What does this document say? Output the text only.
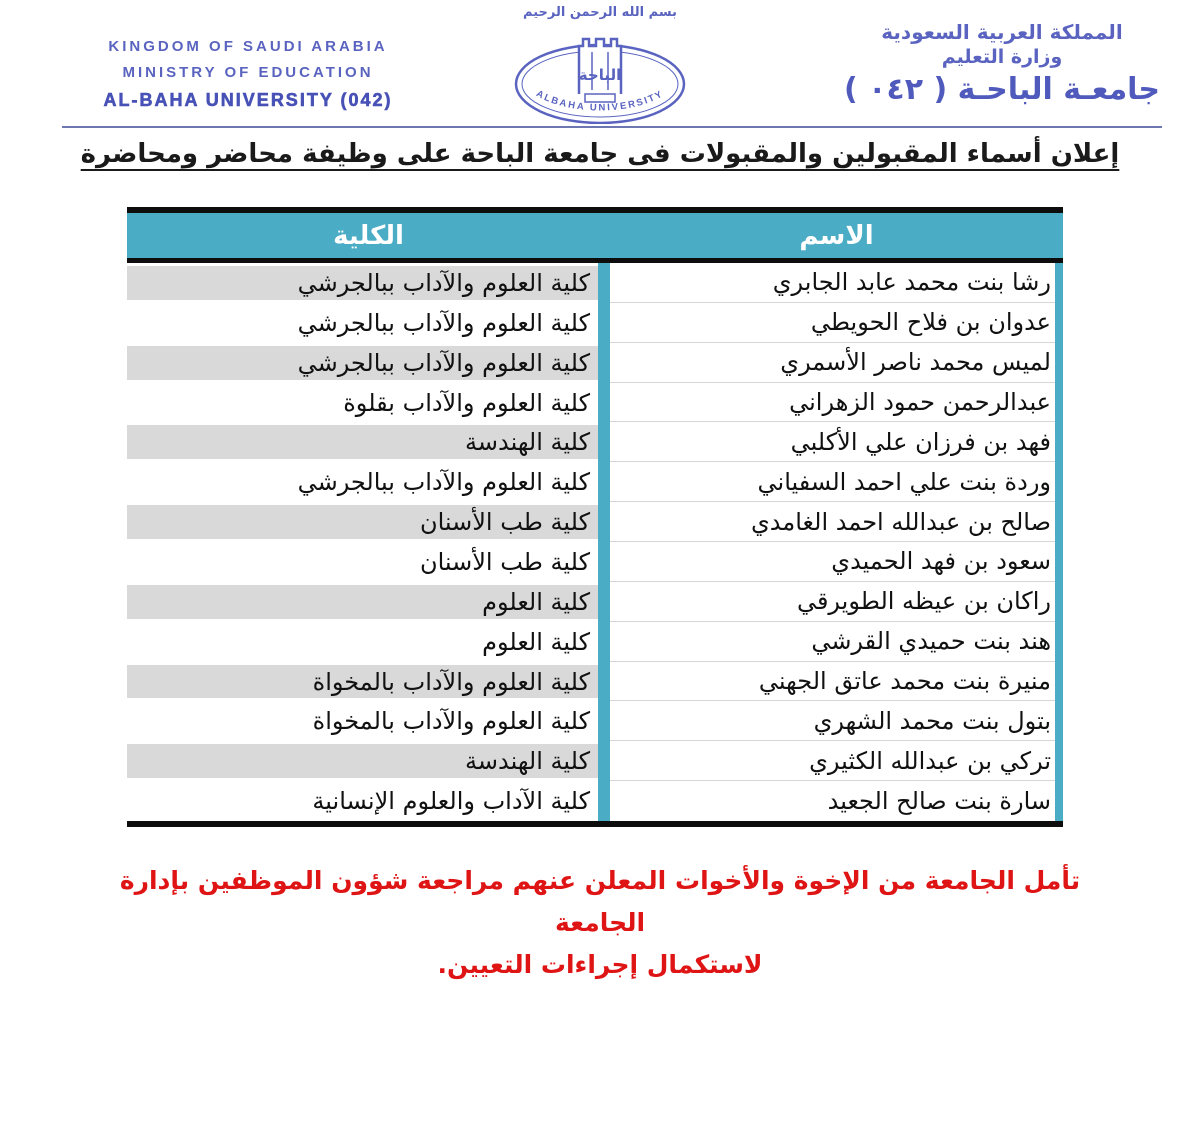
KINGDOM OF SAUDI ARABIA
MINISTRY OF EDUCATION
AL-BAHA UNIVERSITY (042)
بسم الله الرحمن الرحيم
الباحة
ALBAHA UNIVERSITY
المملكة العربية السعودية
وزارة التعليم
جامعـة الباحـة ( ٠٤٢ )
إعلان أسماء المقبولين والمقبولات فى جامعة الباحة على وظيفة محاضر ومحاضرة
الاسم
الكلية
رشا بنت محمد عابد الجابري
كلية العلوم والآداب ببالجرشي
عدوان بن فلاح الحويطي
كلية العلوم والآداب ببالجرشي
لميس محمد ناصر الأسمري
كلية العلوم والآداب ببالجرشي
عبدالرحمن حمود الزهراني
كلية العلوم والآداب بقلوة
فهد بن فرزان علي الأكلبي
كلية الهندسة
وردة بنت علي احمد السفياني
كلية العلوم والآداب ببالجرشي
صالح بن عبدالله احمد الغامدي
كلية طب الأسنان
سعود بن فهد الحميدي
كلية طب الأسنان
راكان بن عيظه الطويرقي
كلية العلوم
هند بنت حميدي القرشي
كلية العلوم
منيرة بنت محمد عاتق الجهني
كلية العلوم والآداب بالمخواة
بتول بنت محمد الشهري
كلية العلوم والآداب بالمخواة
تركي بن عبدالله الكثيري
كلية الهندسة
سارة بنت صالح الجعيد
كلية الآداب والعلوم الإنسانية
تأمل الجامعة من الإخوة والأخوات المعلن عنهم مراجعة شؤون الموظفين بإدارة الجامعة
لاستكمال إجراءات التعيين.
